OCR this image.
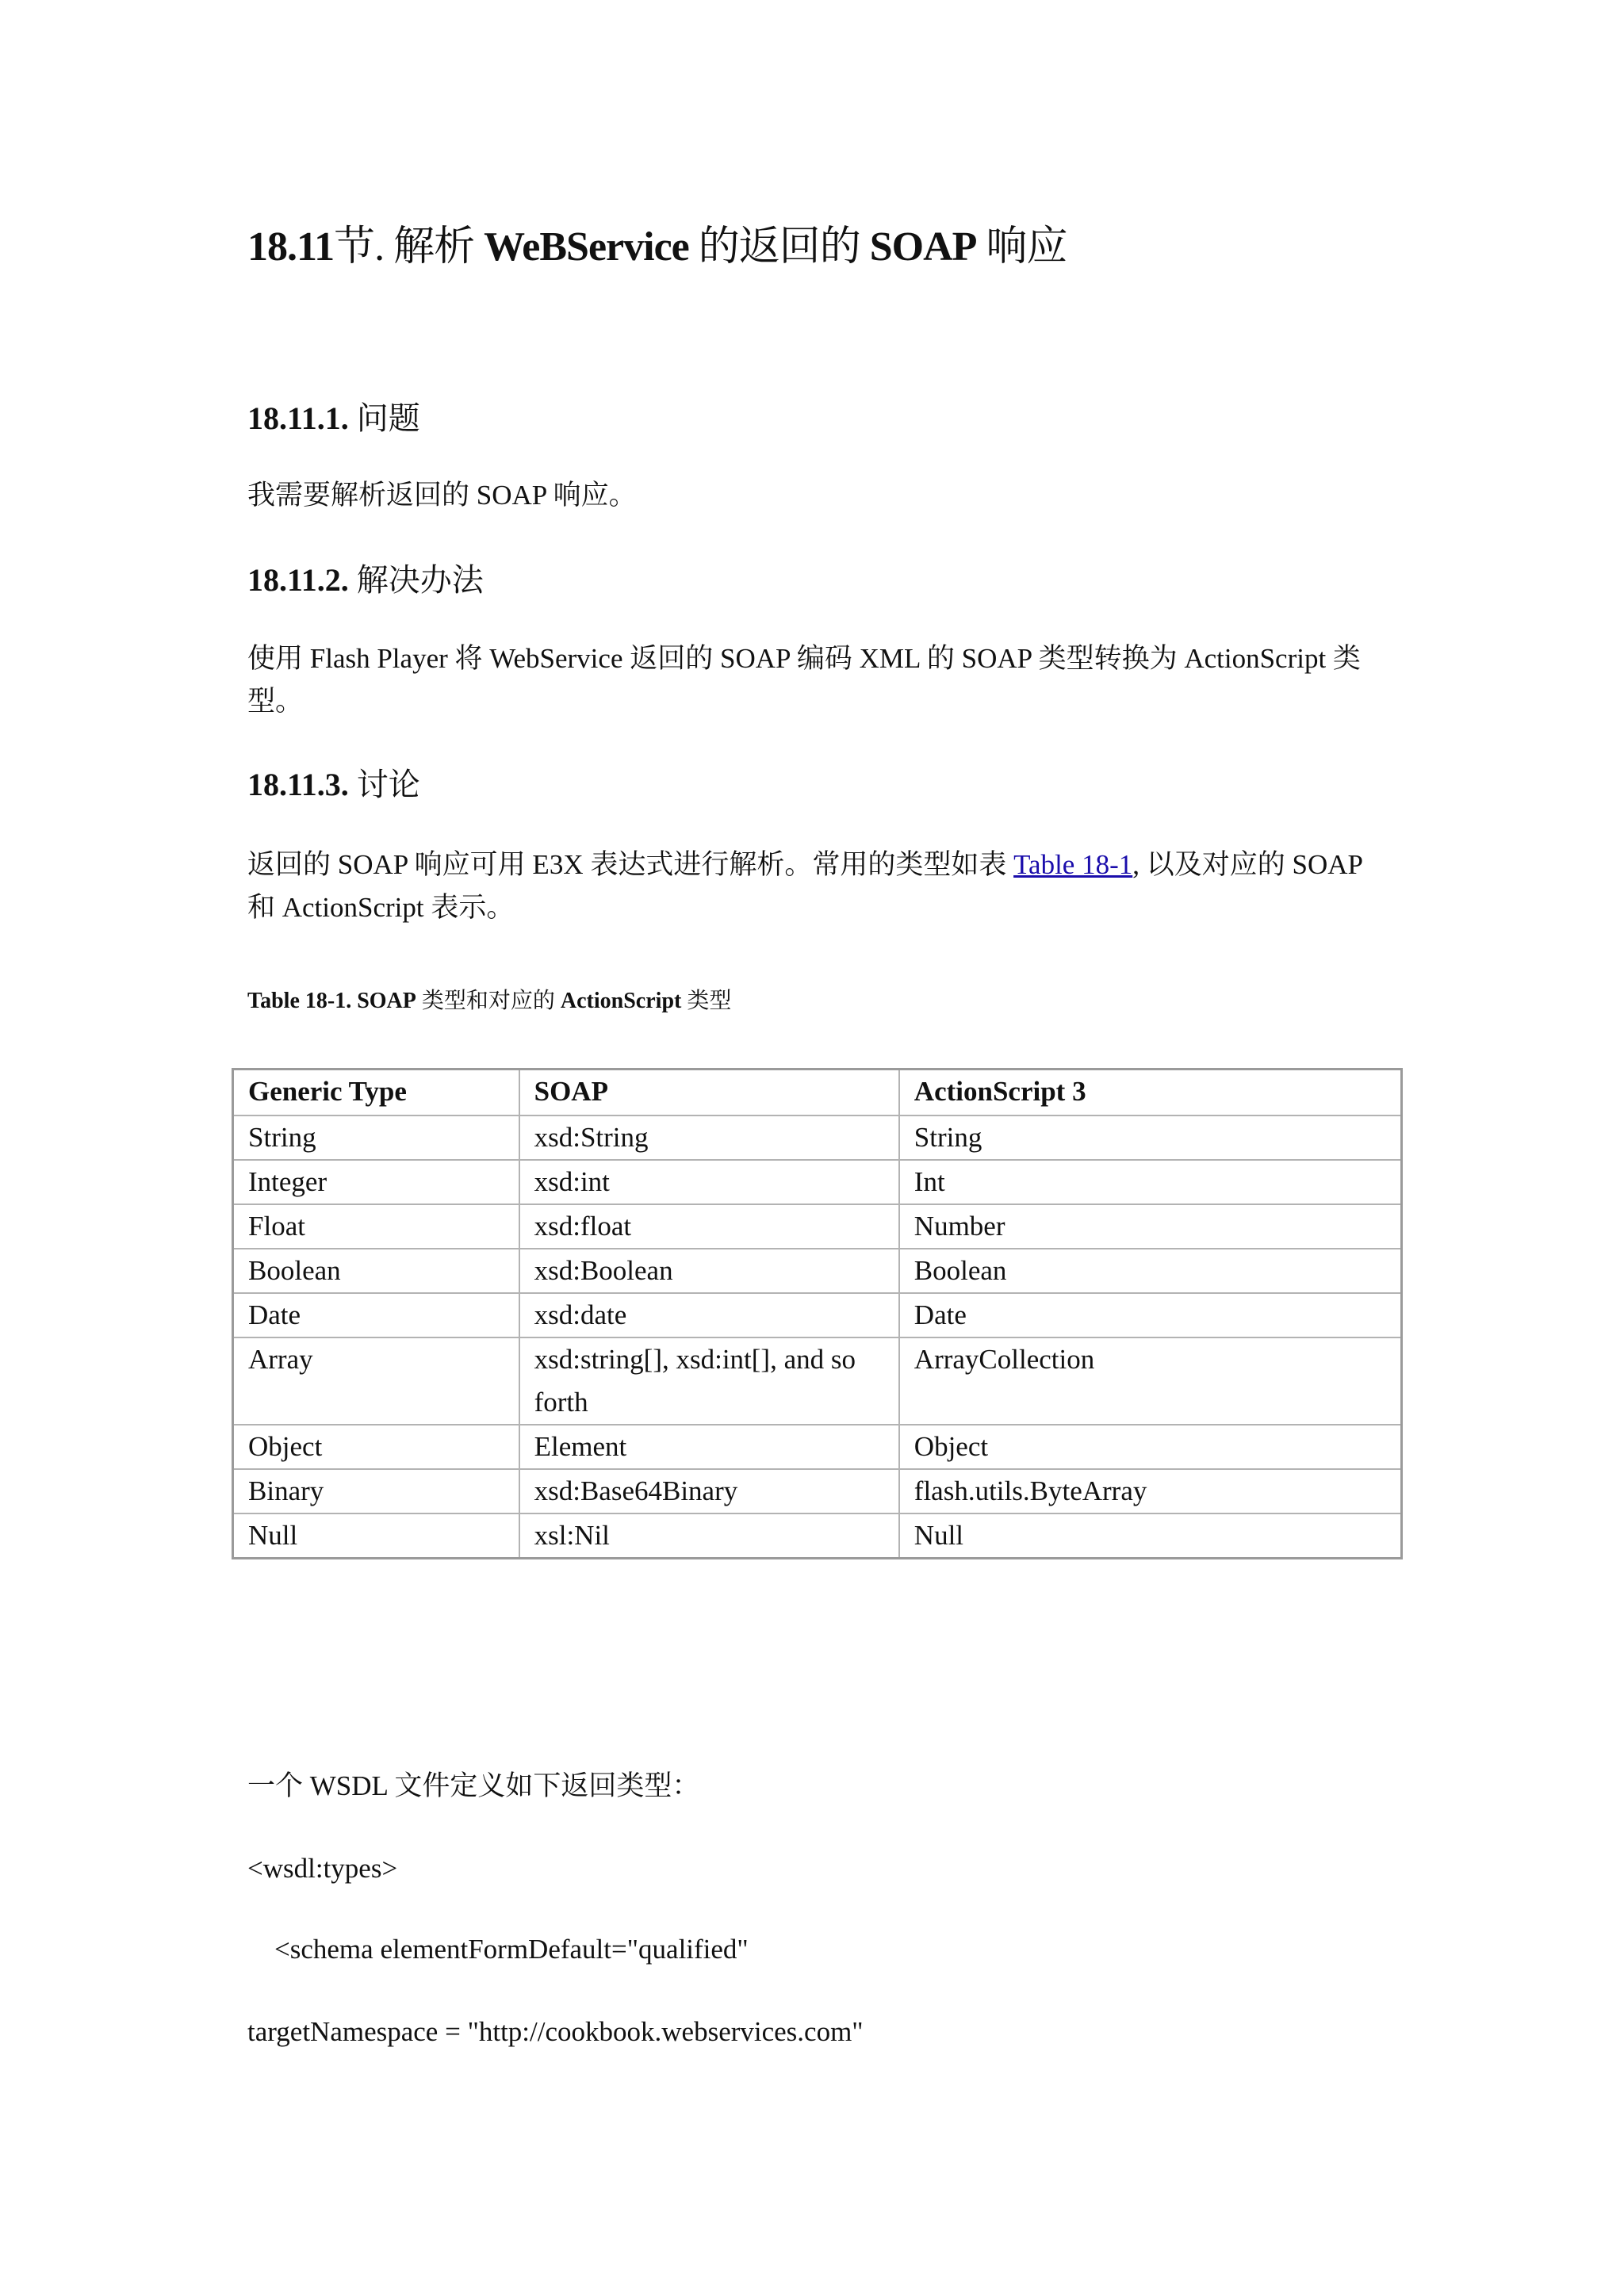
18.11节. 解析 WeBService 的返回的 SOAP 响应
18.11.1. 问题
我需要解析返回的 SOAP 响应。
18.11.2. 解决办法
使用 Flash Player 将 WebService 返回的 SOAP 编码 XML 的 SOAP 类型转换为 ActionScript 类型。
18.11.3. 讨论
返回的 SOAP 响应可用 E3X 表达式进行解析。常用的类型如表 Table 18-1, 以及对应的 SOAP 和 ActionScript 表示。
Table 18-1. SOAP 类型和对应的 ActionScript 类型
Generic Type	SOAP	ActionScript 3
String	xsd:String	String
Integer	xsd:int	Int
Float	xsd:float	Number
Boolean	xsd:Boolean	Boolean
Date	xsd:date	Date
Array	xsd:string[], xsd:int[], and so forth	ArrayCollection
Object	Element	Object
Binary	xsd:Base64Binary	flash.utils.ByteArray
Null	xsl:Nil	Null
一个 WSDL 文件定义如下返回类型：
<wsdl:types>
<schema elementFormDefault="qualified"
targetNamespace = "http://cookbook.webservices.com"
